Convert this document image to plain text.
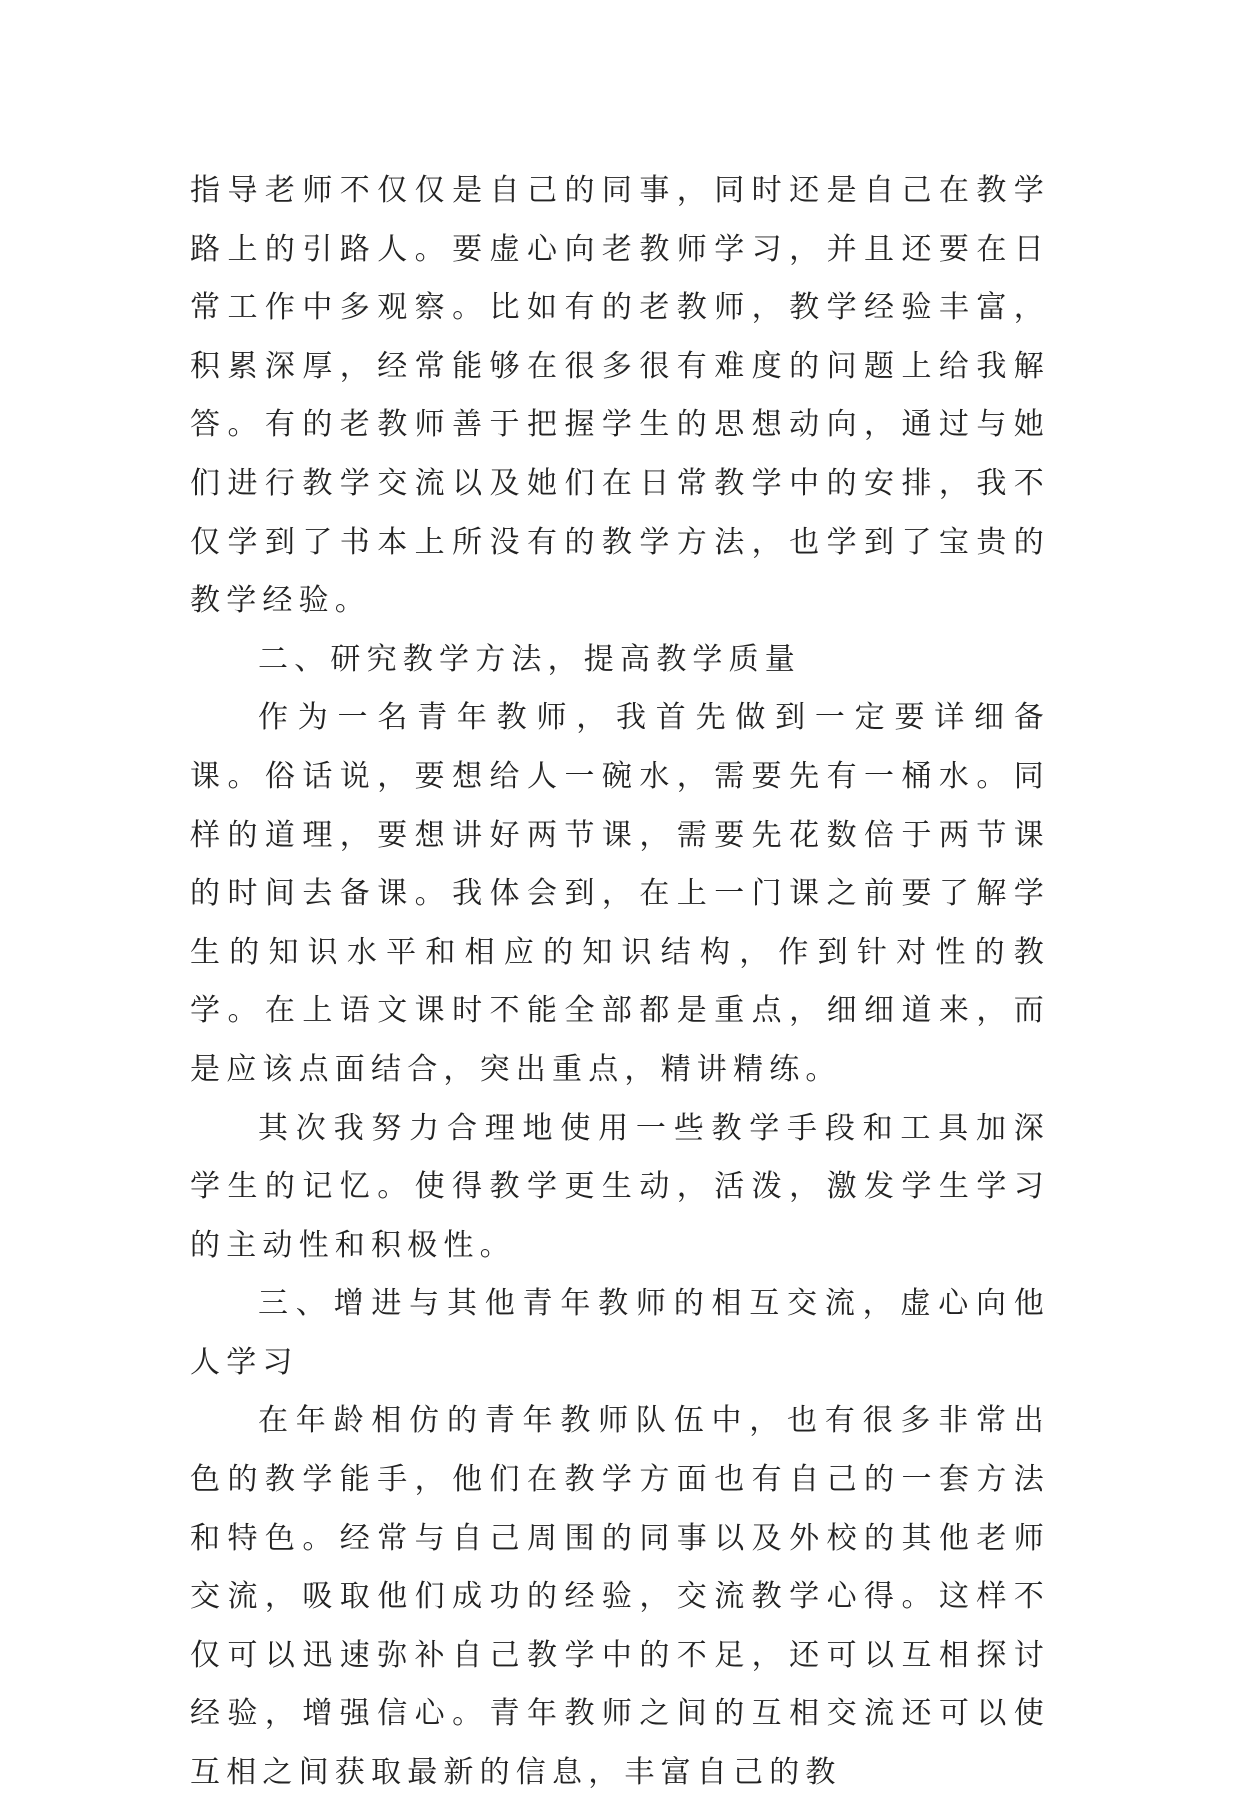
指导老师不仅仅是自己的同事，同时还是自己在教学路上的引路人。要虚心向老教师学习，并且还要在日常工作中多观察。比如有的老教师，教学经验丰富，积累深厚，经常能够在很多很有难度的问题上给我解答。有的老教师善于把握学生的思想动向，通过与她们进行教学交流以及她们在日常教学中的安排，我不仅学到了书本上所没有的教学方法，也学到了宝贵的教学经验。

二、研究教学方法，提高教学质量

作为一名青年教师，我首先做到一定要详细备课。俗话说，要想给人一碗水，需要先有一桶水。同样的道理，要想讲好两节课，需要先花数倍于两节课的时间去备课。我体会到，在上一门课之前要了解学生的知识水平和相应的知识结构，作到针对性的教学。在上语文课时不能全部都是重点，细细道来，而是应该点面结合，突出重点，精讲精练。

其次我努力合理地使用一些教学手段和工具加深学生的记忆。使得教学更生动，活泼，激发学生学习的主动性和积极性。

三、增进与其他青年教师的相互交流，虚心向他人学习

在年龄相仿的青年教师队伍中，也有很多非常出色的教学能手，他们在教学方面也有自己的一套方法和特色。经常与自己周围的同事以及外校的其他老师交流，吸取他们成功的经验，交流教学心得。这样不仅可以迅速弥补自己教学中的不足，还可以互相探讨经验，增强信心。青年教师之间的互相交流还可以使互相之间获取最新的信息，丰富自己的教
